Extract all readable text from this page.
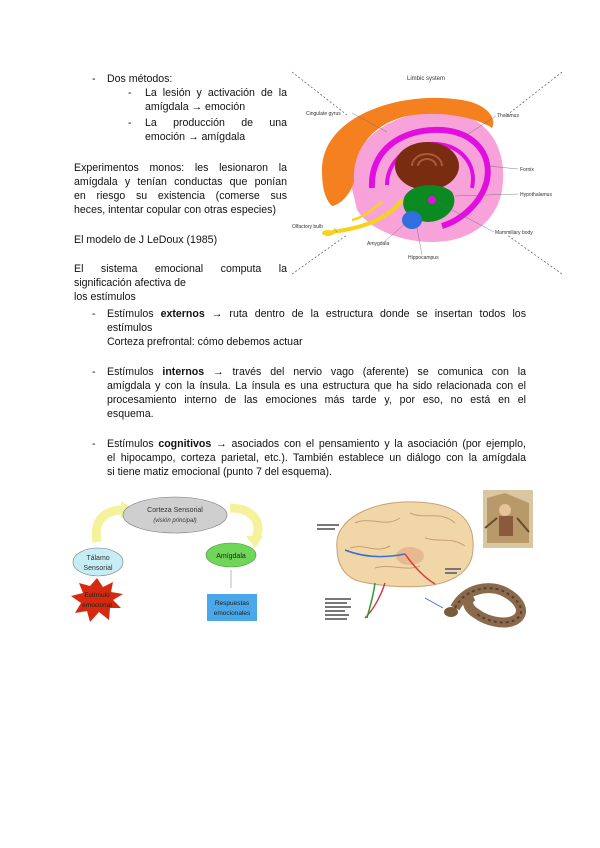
- Dos métodos:
- La lesión y activación de la
amígdala → emoción
- La producción de una
emoción → amígdala
Experimentos monos: les lesionaron la
amígdala y tenían conductas que ponían
en riesgo su existencia (comerse sus
heces, intentar copular con otras especies)
El modelo de J LeDoux (1985)
El sistema emocional computa la
significación afectiva de
los estímulos
- Estímulos externos → ruta dentro de la estructura donde se insertan todos los
estímulos
Corteza prefrontal: cómo debemos actuar
- Estímulos internos → través del nervio vago (aferente) se comunica con la
amígdala y con la ínsula. La ínsula es una estructura que ha sido relacionada con el
procesamiento interno de las emociones más tarde y, por eso, no está en el
esquema.
- Estímulos cognitivos → asociados con el pensamiento y la asociación (por ejemplo,
el hipocampo, corteza parietal, etc.). También establece un diálogo con la amígdala
si tiene matiz emocional (punto 7 del esquema).
Limbic system
Cingulate gyrus	Thalamus
Fornix
Hypothalamus
Mammillary body
Olfactory bulb
Amygdala
Hippocampus
Corteza Sensorial
(visión principal)
Tálamo
Sensorial
Amígdala
Estímulo
emocional	Respuestas
emocionales
